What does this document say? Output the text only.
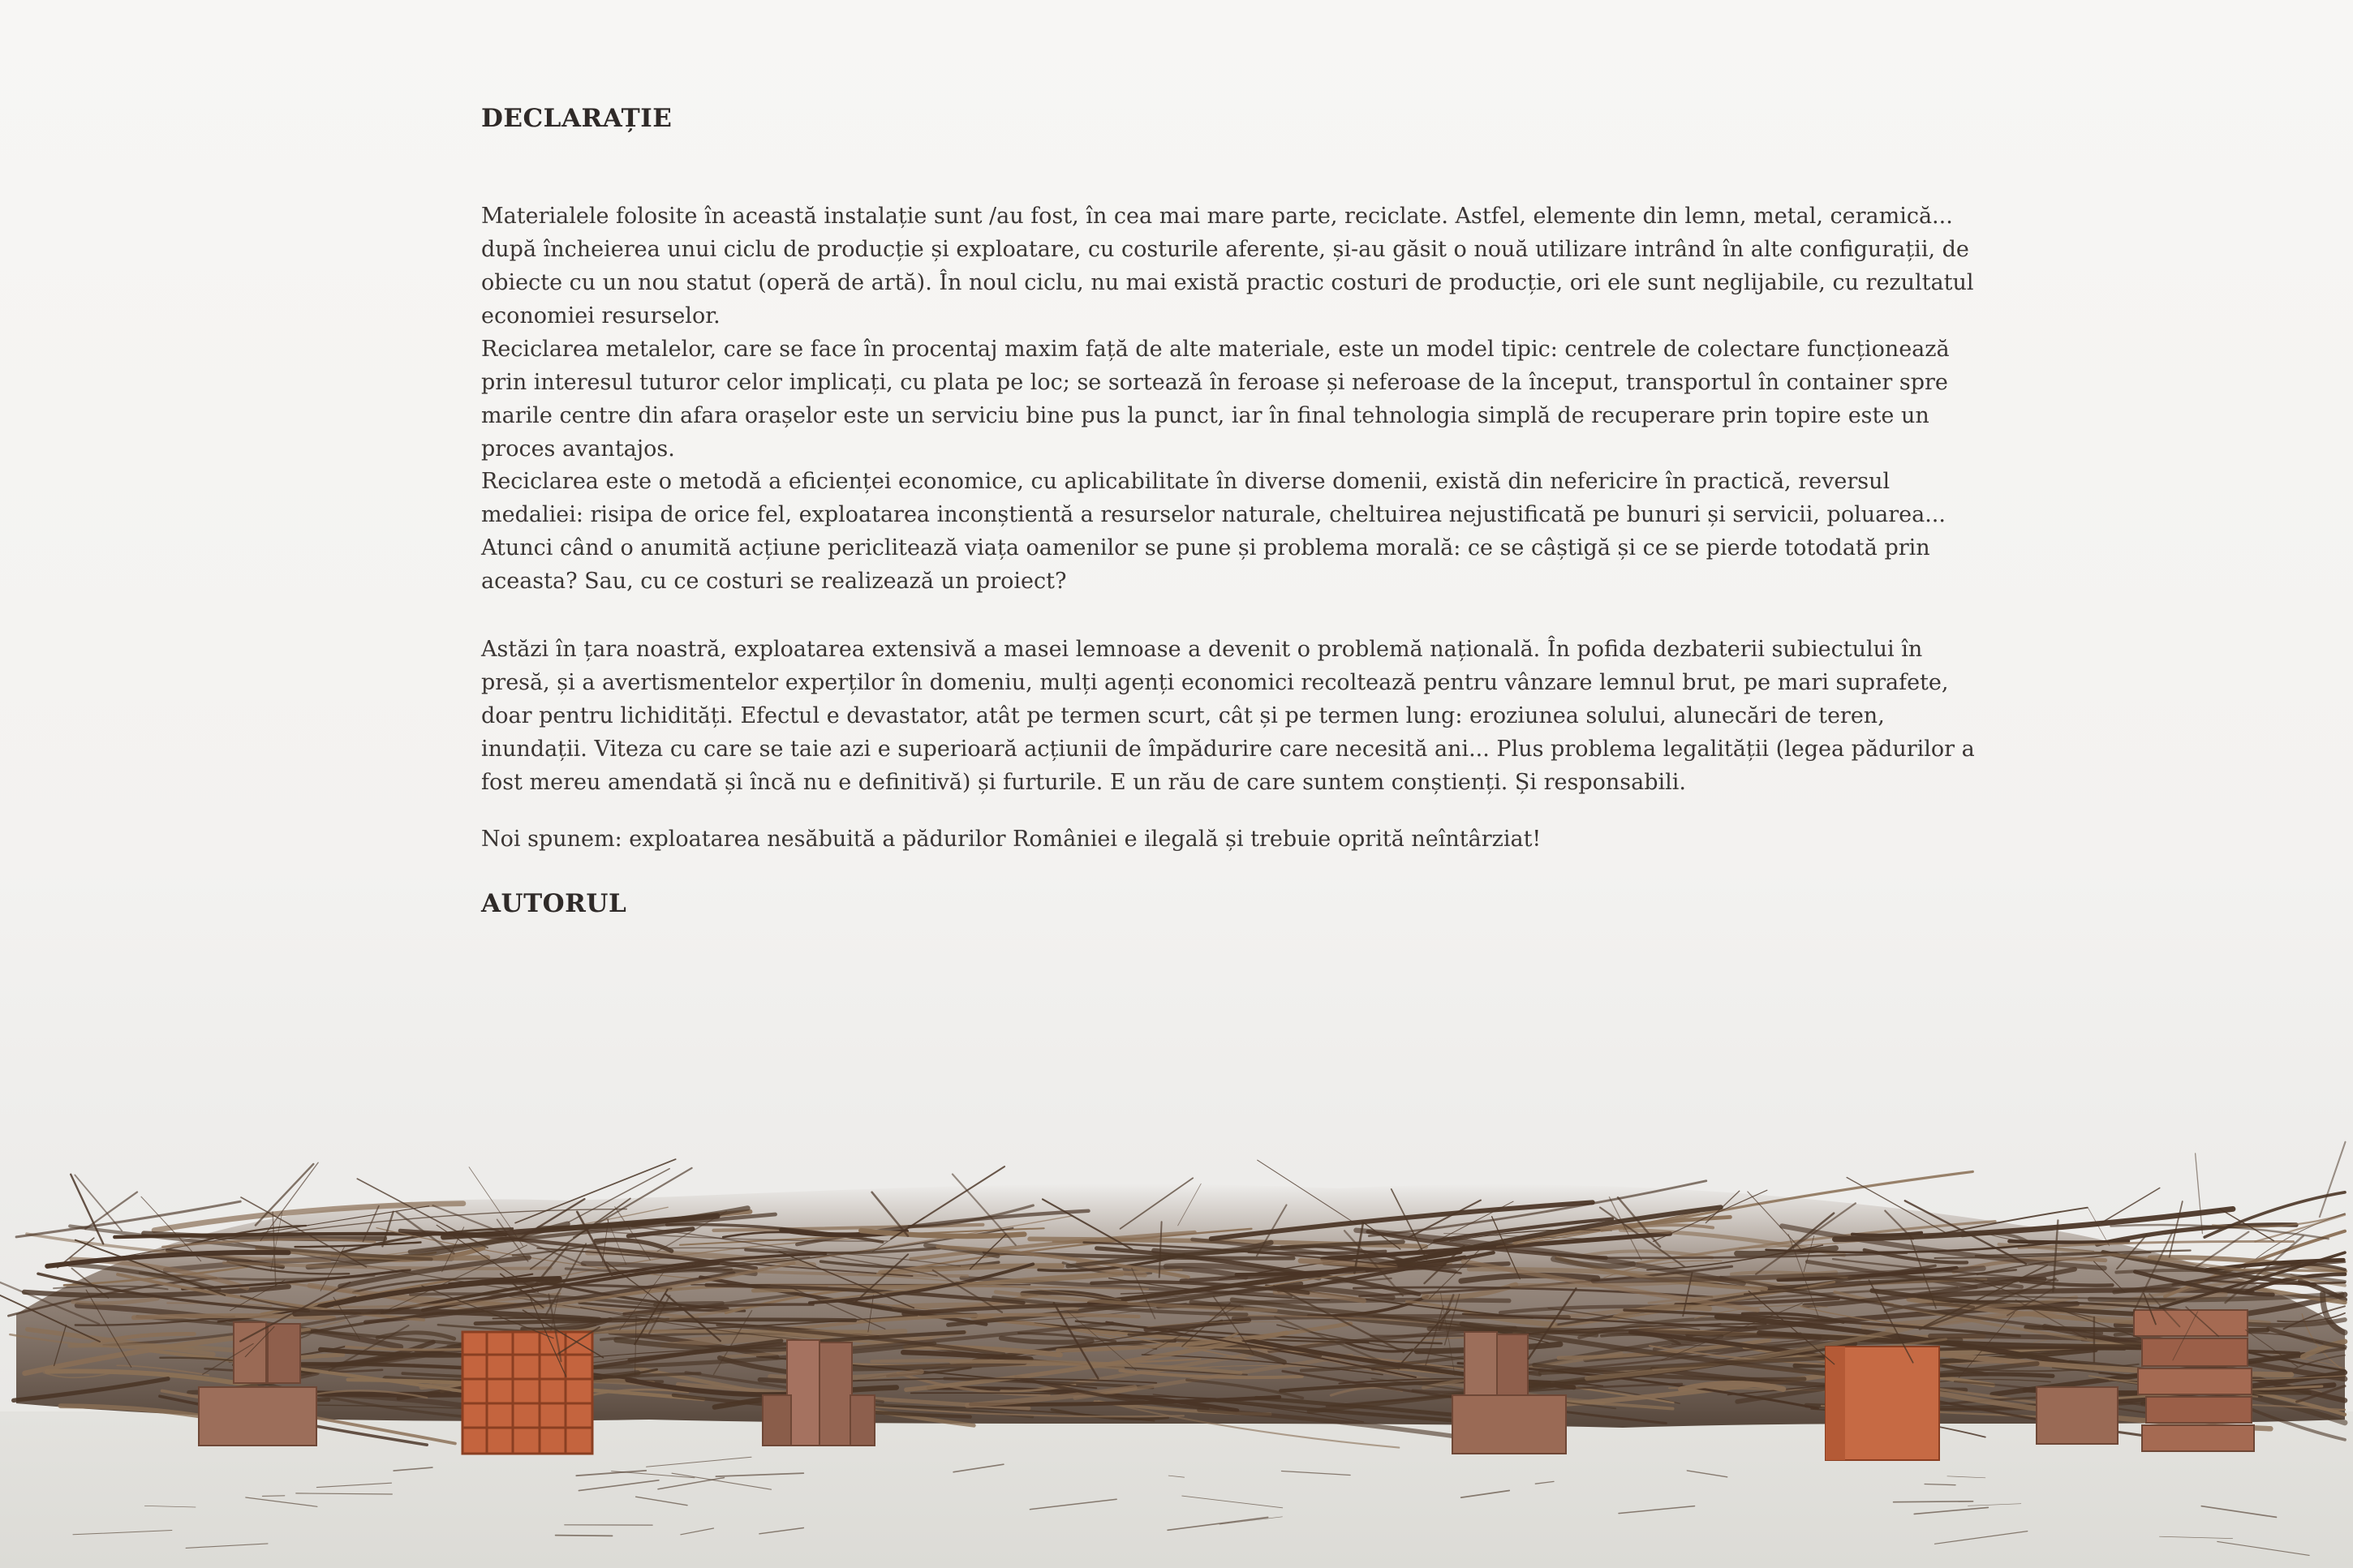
DECLARAȚIE

Materialele folosite în această instalație sunt /au fost, în cea mai mare parte, reciclate. Astfel, elemente din lemn, metal, ceramică... după încheierea unui ciclu de producție și exploatare, cu costurile aferente, și-au găsit o nouă utilizare intrând în alte configurații, de obiecte cu un nou statut (operă de artă). În noul ciclu, nu mai există practic costuri de producție, ori ele sunt neglijabile, cu rezultatul economiei resurselor.

Reciclarea metalelor, care se face în procentaj maxim față de alte materiale, este un model tipic: centrele de colectare funcționează prin interesul tuturor celor implicați, cu plata pe loc; se sortează în feroase și neferoase de la început, transportul în container spre marile centre din afara orașelor este un serviciu bine pus la punct, iar în final tehnologia simplă de recuperare prin topire este un proces avantajos.

Reciclarea este o metodă a eficienței economice, cu aplicabilitate în diverse domenii, există din nefericire în practică, reversul medaliei: risipa de orice fel, exploatarea inconștientă a resurselor naturale, cheltuirea nejustificată pe bunuri și servicii, poluarea... Atunci când o anumită acțiune periclitează viața oamenilor se pune și problema morală: ce se câștigă și ce se pierde totodată prin aceasta? Sau, cu ce costuri se realizează un proiect?

Astăzi în țara noastră, exploatarea extensivă a masei lemnoase a devenit o problemă națională. În pofida dezbaterii subiectului în presă, și a avertismentelor experților în domeniu, mulți agenți economici recoltează pentru vânzare lemnul brut, pe mari suprafete, doar pentru lichidități. Efectul e devastator, atât pe termen scurt, cât și pe termen lung: eroziunea solului, alunecări de teren, inundații. Viteza cu care se taie azi e superioară acțiunii de împădurire care necesită ani... Plus problema legalității (legea pădurilor a fost mereu amendată și încă nu e definitivă) și furturile. E un rău de care suntem conștienți. Și responsabili.

Noi spunem: exploatarea nesăbuită a pădurilor României e ilegală și trebuie oprită neîntârziat!

AUTORUL
